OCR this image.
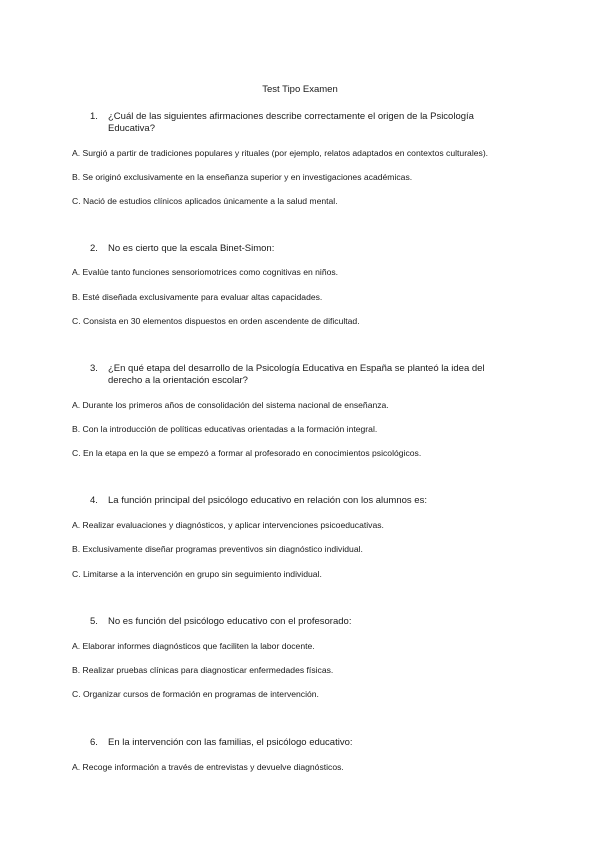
Test Tipo Examen
1. ¿Cuál de las siguientes afirmaciones describe correctamente el origen de la Psicología Educativa?
A. Surgió a partir de tradiciones populares y rituales (por ejemplo, relatos adaptados en contextos culturales).
B. Se originó exclusivamente en la enseñanza superior y en investigaciones académicas.
C. Nació de estudios clínicos aplicados únicamente a la salud mental.
2. No es cierto que la escala Binet-Simon:
A. Evalúe tanto funciones sensoriomotrices como cognitivas en niños.
B. Esté diseñada exclusivamente para evaluar altas capacidades.
C. Consista en 30 elementos dispuestos en orden ascendente de dificultad.
3. ¿En qué etapa del desarrollo de la Psicología Educativa en España se planteó la idea del derecho a la orientación escolar?
A. Durante los primeros años de consolidación del sistema nacional de enseñanza.
B. Con la introducción de políticas educativas orientadas a la formación integral.
C. En la etapa en la que se empezó a formar al profesorado en conocimientos psicológicos.
4. La función principal del psicólogo educativo en relación con los alumnos es:
A. Realizar evaluaciones y diagnósticos, y aplicar intervenciones psicoeducativas.
B. Exclusivamente diseñar programas preventivos sin diagnóstico individual.
C. Limitarse a la intervención en grupo sin seguimiento individual.
5. No es función del psicólogo educativo con el profesorado:
A. Elaborar informes diagnósticos que faciliten la labor docente.
B. Realizar pruebas clínicas para diagnosticar enfermedades físicas.
C. Organizar cursos de formación en programas de intervención.
6. En la intervención con las familias, el psicólogo educativo:
A. Recoge información a través de entrevistas y devuelve diagnósticos.
